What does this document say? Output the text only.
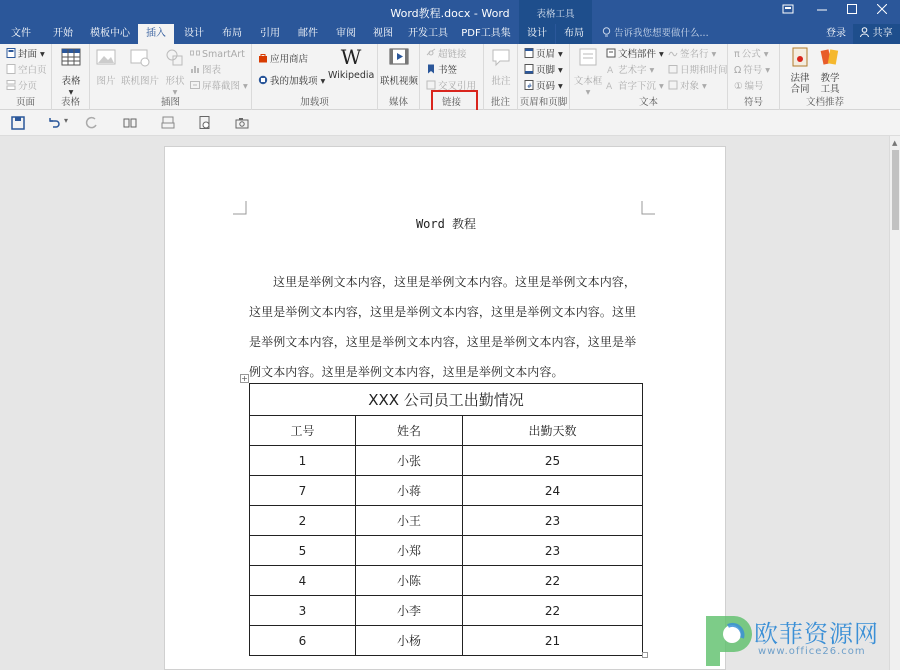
Word教程.docx - Word	表格工具
文件	开始	模板中心	插入	设计	布局	引用	邮件	审阅	视图	开发工具	PDF工具集	设计	布局	告诉我您想要做什么...	登录	共享
封面 ▾
空白页
分页
页面
表格
▾
表格
图片 联机图片 形状
▾
SmartArt
图表
屏幕截图 ▾
插图
应用商店
我的加载项 ▾
W
Wikipedia
加载项
联机视频
媒体
超链接
书签
交叉引用
链接
批注
批注
页眉 ▾
页脚 ▾
# 页码 ▾
页眉和页脚
文本框
▾
文档部件 ▾
A 艺术字 ▾
A 首字下沉 ▾
签名行 ▾
日期和时间
对象 ▾
文本
π 公式 ▾
Ω 符号 ▾
① 编号
符号
法律合同
教学工具
文档推荐
▾
▲
Word 教程
这里是举例文本内容，这里是举例文本内容。这里是举例文本内容，这里是举例文本内容，这里是举例文本内容，这里是举例文本内容。这里是举例文本内容，这里是举例文本内容，这里是举例文本内容，这里是举例文本内容。这里是举例文本内容，这里是举例文本内容。
+
XXX 公司员工出勤情况		
工号	姓名	出勤天数
1	小张	25
7	小蒋	24
2	小王	23
5	小郑	23
4	小陈	22
3	小李	22
6	小杨	21	欧菲资源网
www.office26.com
